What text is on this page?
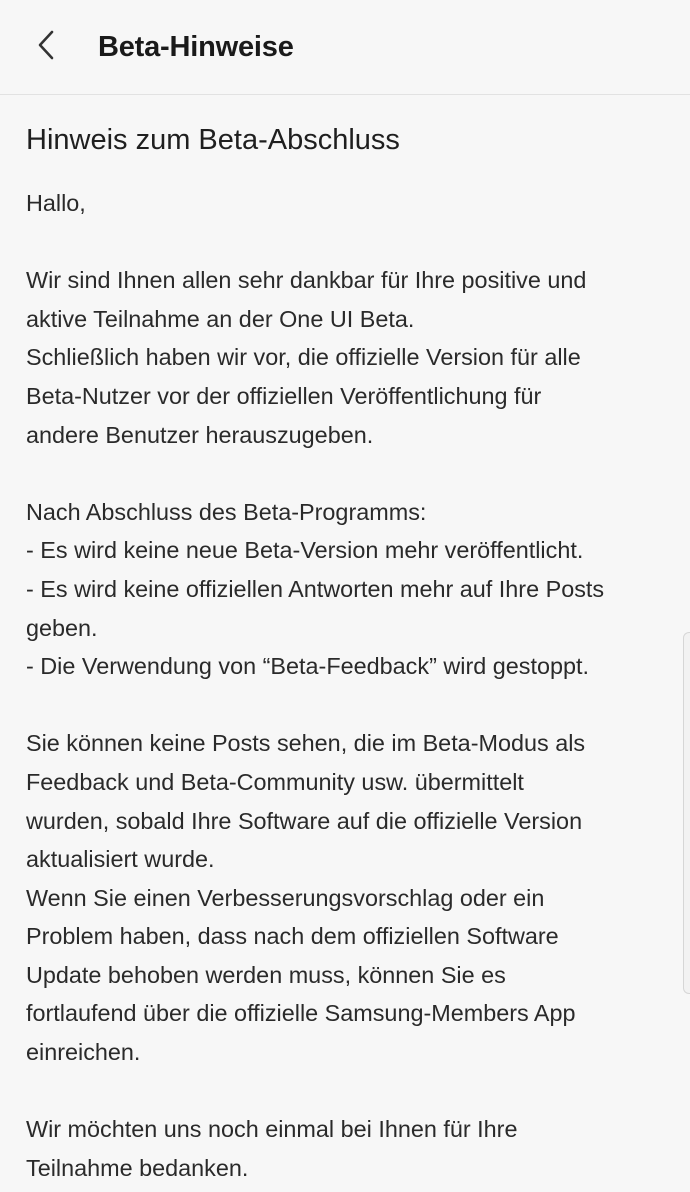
Beta-Hinweise
Hinweis zum Beta-Abschluss
Hallo,
Wir sind Ihnen allen sehr dankbar für Ihre positive und
aktive Teilnahme an der One UI Beta.
Schließlich haben wir vor, die offizielle Version für alle
Beta-Nutzer vor der offiziellen Veröffentlichung für
andere Benutzer herauszugeben.
Nach Abschluss des Beta-Programms:
- Es wird keine neue Beta-Version mehr veröffentlicht.
- Es wird keine offiziellen Antworten mehr auf Ihre Posts
geben.
- Die Verwendung von “Beta-Feedback” wird gestoppt.
Sie können keine Posts sehen, die im Beta-Modus als
Feedback und Beta-Community usw. übermittelt
wurden, sobald Ihre Software auf die offizielle Version
aktualisiert wurde.
Wenn Sie einen Verbesserungsvorschlag oder ein
Problem haben, dass nach dem offiziellen Software
Update behoben werden muss, können Sie es
fortlaufend über die offizielle Samsung-Members App
einreichen.
Wir möchten uns noch einmal bei Ihnen für Ihre
Teilnahme bedanken.
